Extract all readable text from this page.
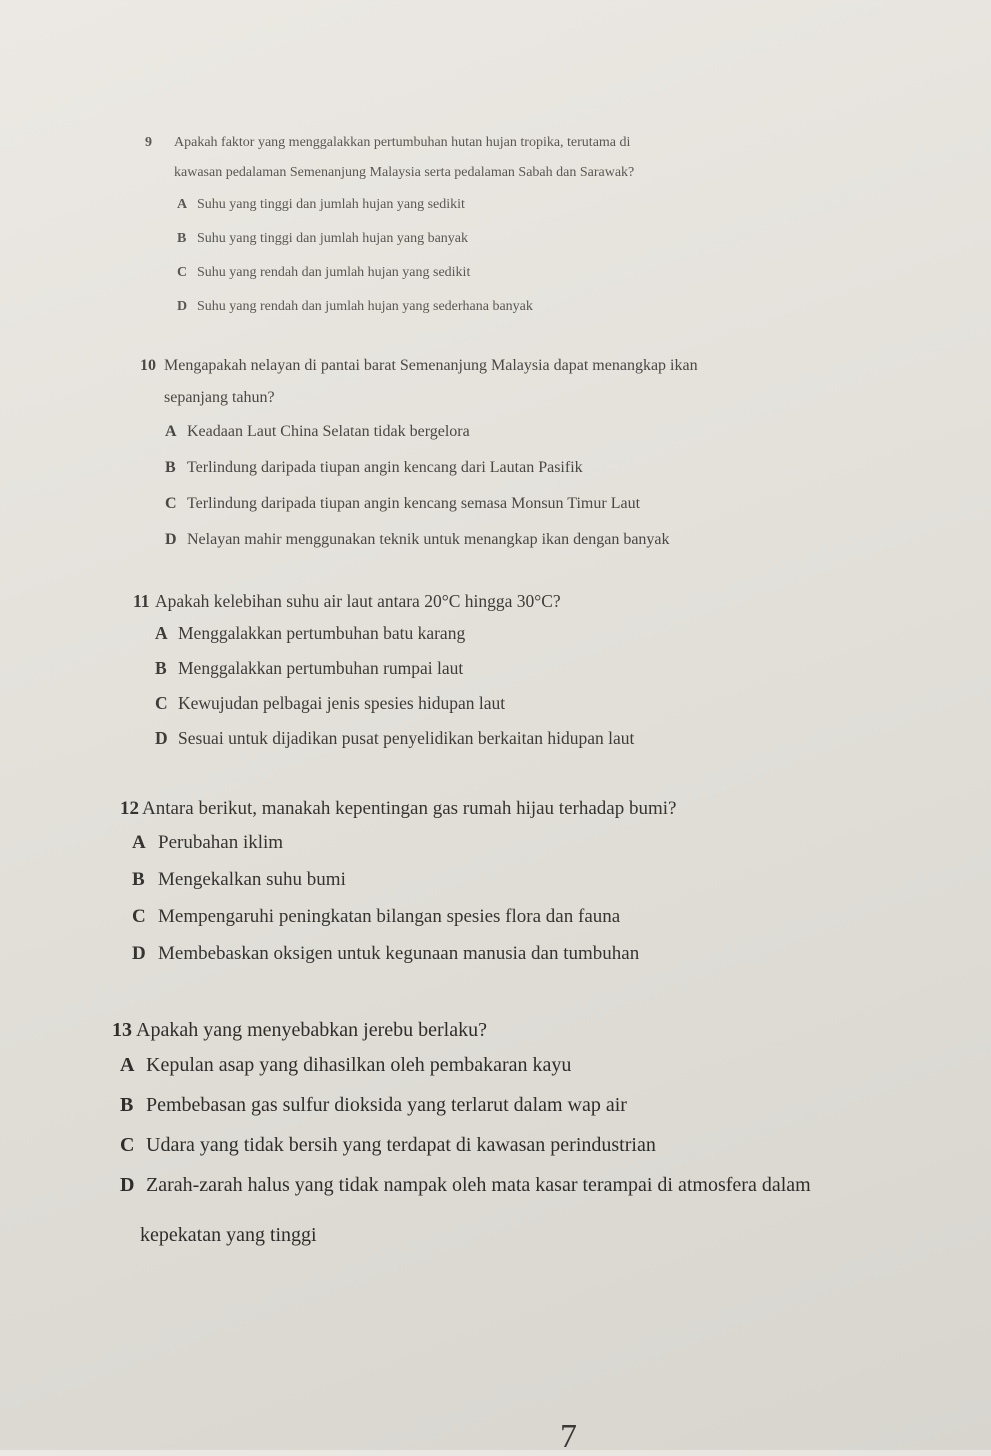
9 Apakah faktor yang menggalakkan pertumbuhan hutan hujan tropika, terutama di
kawasan pedalaman Semenanjung Malaysia serta pedalaman Sabah dan Sarawak?
A Suhu yang tinggi dan jumlah hujan yang sedikit
B Suhu yang tinggi dan jumlah hujan yang banyak
C Suhu yang rendah dan jumlah hujan yang sedikit
D Suhu yang rendah dan jumlah hujan yang sederhana banyak
10 Mengapakah nelayan di pantai barat Semenanjung Malaysia dapat menangkap ikan
sepanjang tahun?
A Keadaan Laut China Selatan tidak bergelora
B Terlindung daripada tiupan angin kencang dari Lautan Pasifik
C Terlindung daripada tiupan angin kencang semasa Monsun Timur Laut
D Nelayan mahir menggunakan teknik untuk menangkap ikan dengan banyak
11 Apakah kelebihan suhu air laut antara 20°C hingga 30°C?
A Menggalakkan pertumbuhan batu karang
B Menggalakkan pertumbuhan rumpai laut
C Kewujudan pelbagai jenis spesies hidupan laut
D Sesuai untuk dijadikan pusat penyelidikan berkaitan hidupan laut
12 Antara berikut, manakah kepentingan gas rumah hijau terhadap bumi?
A Perubahan iklim
B Mengekalkan suhu bumi
C Mempengaruhi peningkatan bilangan spesies flora dan fauna
D Membebaskan oksigen untuk kegunaan manusia dan tumbuhan
13 Apakah yang menyebabkan jerebu berlaku?
A Kepulan asap yang dihasilkan oleh pembakaran kayu
B Pembebasan gas sulfur dioksida yang terlarut dalam wap air
C Udara yang tidak bersih yang terdapat di kawasan perindustrian
D Zarah-zarah halus yang tidak nampak oleh mata kasar terampai di atmosfera dalam
kepekatan yang tinggi
7
